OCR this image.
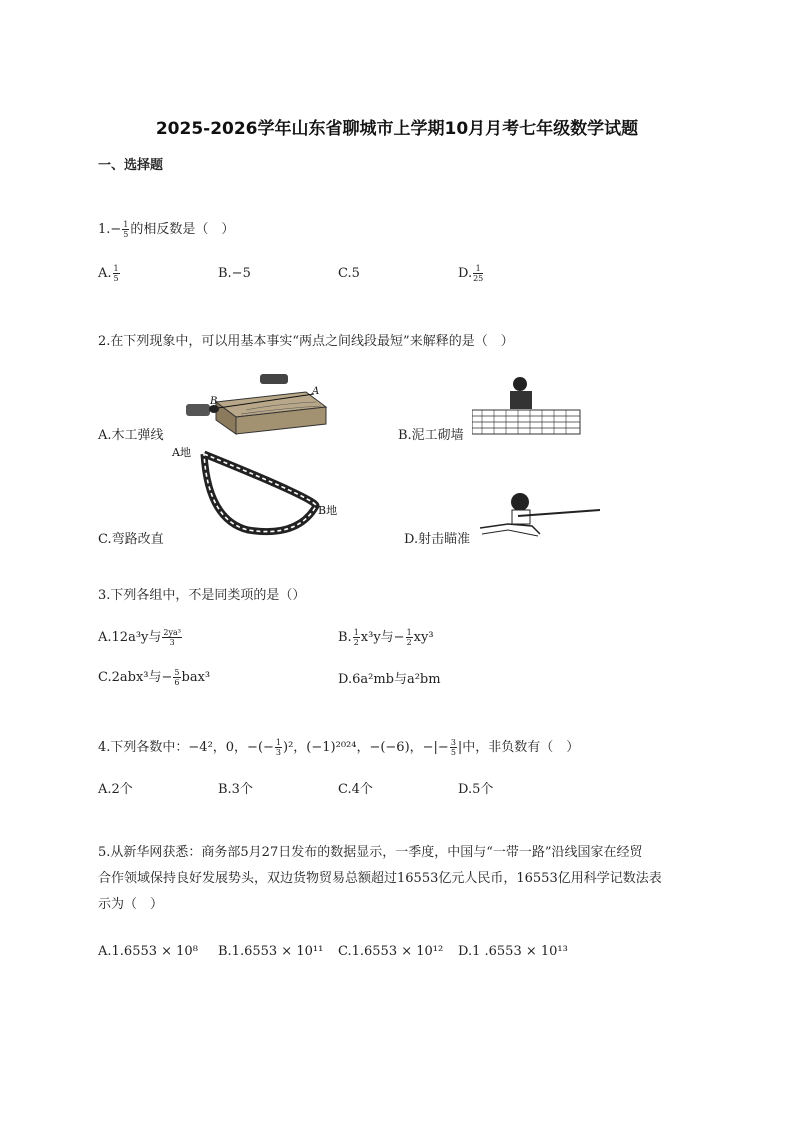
2025-2026学年山东省聊城市上学期10月月考七年级数学试题
一、选择题
$1.- \frac{1}{5}$ 的相反数是（　）
A. $\frac{1}{5}$	B.−5	C.5	D. $\frac{1}{25}$
2.在下列现象中，可以用基本事实“两点之间线段最短”来解释的是（　）
A
B
A.木工弹线	B.泥工砌墙
A地
B地
C.弯路改直	D.射击瞄准
3.下列各组中，不是同类项的是（）
A.12a³y与 $\frac{\text{2ya³}}{3}$	B. $\frac{1}{2} x^3y$与− $\frac{1}{2} xy^3$
C.2abx³与− $\frac{5}{6} bax^3$	D.6a²mb与a²bm
4.下列各数中：−4²，0，−(− $\frac{1}{3} )^2$，(−1)²⁰²⁴，−(−6)，−|− $\frac{3}{5}$ |中，非负数有（　）
A.2个	B.3个	C.4个	D.5个
5.从新华网获悉：商务部5月27日发布的数据显示，一季度，中国与“一带一路”沿线国家在经贸
合作领域保持良好发展势头，双边货物贸易总额超过16553亿元人民币，16553亿用科学记数法表
示为（　）
A.1.6553 × 10⁸ B.1.6553 × 10¹¹ C.1.6553 × 10¹² D.1 .6553 × 10¹³
